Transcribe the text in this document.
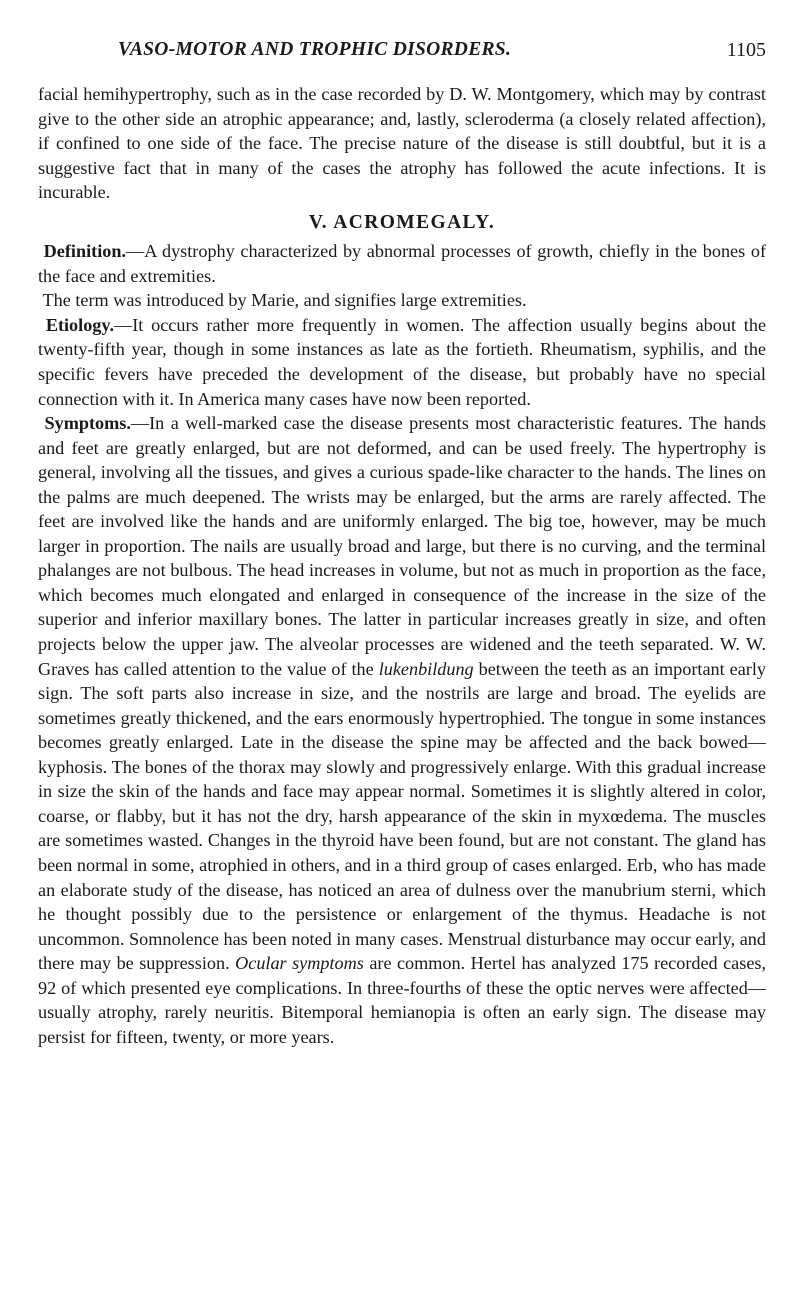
VASO-MOTOR AND TROPHIC DISORDERS.	1105

facial hemihypertrophy, such as in the case recorded by D. W. Montgomery, which may by contrast give to the other side an atrophic appearance; and, lastly, scleroderma (a closely related affection), if confined to one side of the face. The precise nature of the disease is still doubtful, but it is a suggestive fact that in many of the cases the atrophy has followed the acute infections. It is incurable.

V. ACROMEGALY.

Definition.—A dystrophy characterized by abnormal processes of growth, chiefly in the bones of the face and extremities.

The term was introduced by Marie, and signifies large extremities.

Etiology.—It occurs rather more frequently in women. The affection usually begins about the twenty-fifth year, though in some instances as late as the fortieth. Rheumatism, syphilis, and the specific fevers have preceded the development of the disease, but probably have no special connection with it. In America many cases have now been reported.

Symptoms.—In a well-marked case the disease presents most characteristic features. The hands and feet are greatly enlarged, but are not deformed, and can be used freely. The hypertrophy is general, involving all the tissues, and gives a curious spade-like character to the hands. The lines on the palms are much deepened. The wrists may be enlarged, but the arms are rarely affected. The feet are involved like the hands and are uniformly enlarged. The big toe, however, may be much larger in proportion. The nails are usually broad and large, but there is no curving, and the terminal phalanges are not bulbous. The head increases in volume, but not as much in proportion as the face, which becomes much elongated and enlarged in consequence of the increase in the size of the superior and inferior maxillary bones. The latter in particular increases greatly in size, and often projects below the upper jaw. The alveolar processes are widened and the teeth separated. W. W. Graves has called attention to the value of the lukenbildung between the teeth as an important early sign. The soft parts also increase in size, and the nostrils are large and broad. The eyelids are sometimes greatly thickened, and the ears enormously hypertrophied. The tongue in some instances becomes greatly enlarged. Late in the disease the spine may be affected and the back bowed—kyphosis. The bones of the thorax may slowly and progressively enlarge. With this gradual increase in size the skin of the hands and face may appear normal. Sometimes it is slightly altered in color, coarse, or flabby, but it has not the dry, harsh appearance of the skin in myxœdema. The muscles are sometimes wasted. Changes in the thyroid have been found, but are not constant. The gland has been normal in some, atrophied in others, and in a third group of cases enlarged. Erb, who has made an elaborate study of the disease, has noticed an area of dulness over the manubrium sterni, which he thought possibly due to the persistence or enlargement of the thymus. Headache is not uncommon. Somnolence has been noted in many cases. Menstrual disturbance may occur early, and there may be suppression. Ocular symptoms are common. Hertel has analyzed 175 recorded cases, 92 of which presented eye complications. In three-fourths of these the optic nerves were affected—usually atrophy, rarely neuritis. Bitemporal hemianopia is often an early sign. The disease may persist for fifteen, twenty, or more years.
